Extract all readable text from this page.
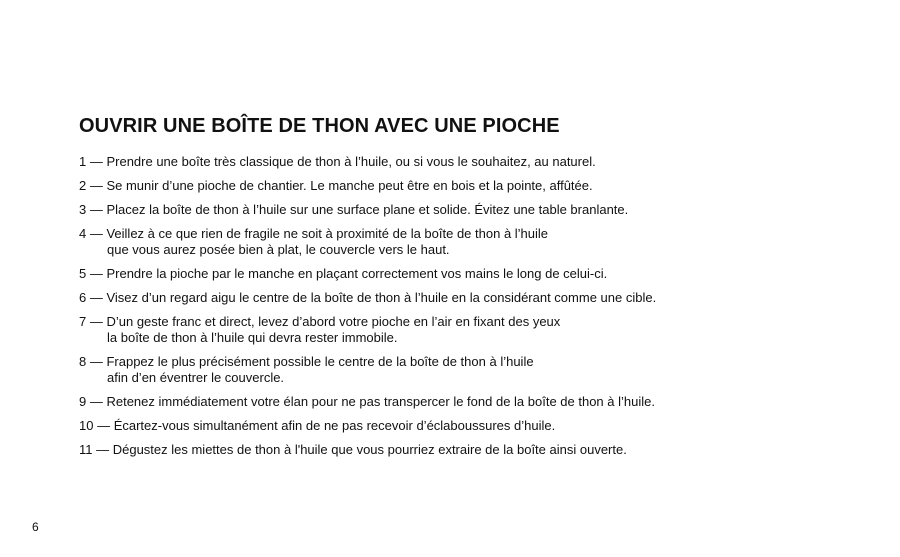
OUVRIR UNE BOÎTE DE THON AVEC UNE PIOCHE
1 — Prendre une boîte très classique de thon à l’huile, ou si vous le souhaitez, au naturel.
2 — Se munir d’une pioche de chantier. Le manche peut être en bois et la pointe, affûtée.
3 — Placez la boîte de thon à l’huile sur une surface plane et solide. Évitez une table branlante.
4 — Veillez à ce que rien de fragile ne soit à proximité de la boîte de thon à l’huile
que vous aurez posée bien à plat, le couvercle vers le haut.
5 — Prendre la pioche par le manche en plaçant correctement vos mains le long de celui-ci.
6 — Visez d’un regard aigu le centre de la boîte de thon à l’huile en la considérant comme une cible.
7 — D’un geste franc et direct, levez d’abord votre pioche en l’air en fixant des yeux
la boîte de thon à l’huile qui devra rester immobile.
8 — Frappez le plus précisément possible le centre de la boîte de thon à l’huile
afin d’en éventrer le couvercle.
9 — Retenez immédiatement votre élan pour ne pas transpercer le fond de la boîte de thon à l’huile.
10 — Écartez-vous simultanément afin de ne pas recevoir d’éclaboussures d’huile.
11 — Dégustez les miettes de thon à l'huile que vous pourriez extraire de la boîte ainsi ouverte.
6
